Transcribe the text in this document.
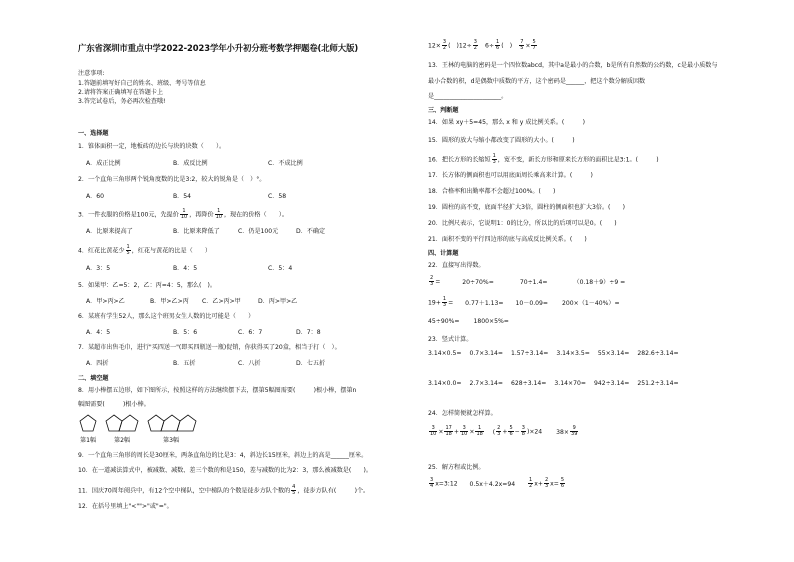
广东省深圳市重点中学2022-2023学年小升初分班考数学押题卷(北师大版)
注意事项:
1.答题前填写好自己的姓名、班级、考号等信息
2.请将答案正确填写在答题卡上
3.答完试卷后，务必再次检查哦!
一、选择题
1．锥体面积一定，地板砖的边长与块的块数（　　）。
A．成正比例	B．成反比例	C．不成比例
2．一个直角三角形两个锐角度数的比是3:2，较大的锐角是（　）°。
A．60	B．54	C．58
3．一件衣服的价格是100元，先提价 $\frac{1}{10}$ ，再降价 $\frac{1}{10}$ ，现在的价格（　　）。
A．比原来提高了	B．比原来降低了	C．仍是100元	D．不确定
4．红花比黄花少 $\frac{1}{5}$ ，红花与黄花的比是（　　）
A．3：5	B．4：5	C．5：4
5．如果甲：乙=5：2，乙：丙=4：5，那么(　)。
A．甲>丙>乙	B．甲>乙>丙 C．乙>丙>甲	D．丙>甲>乙
6．某班有学生52人，那么这个班男女生人数的比可能是（　　）
A．4：5	B．5：6	C．6：7	D．7：8
7．某超市出售毛巾，进行"买四送一"(即买四瓶送一瓶)促销，你获得买了20盒，相当于打（　）。
A．四折	B．五折	C．八折	D．七五折
二、填空题
8．用小棒摆五边形，如下图所示，按照这样的方法继续摆下去，摆第5幅图需要(　　　)根小棒，摆第n
幅图需要(　　　)根小棒。
第1幅	第2幅	第3幅
9．一个直角三角形的周长是30厘米，两条直角边的比是3：4，斜边长15厘米，斜边上的高是______厘米。
10．在一道减法算式中，被减数、减数、差三个数的和是150，差与减数的比为2：3，那么被减数是(　　)。
11．国庆70周年阅兵中，有12个空中梯队，空中梯队的个数是徒步方队个数的 $\frac{4}{5}$ ，徒步方队有(　　　)个。
12．在括号里填上"<"">"或"="。
$12\times \frac{3}{2}$ (　)$12\div \frac{3}{2}$ 　$6\div \frac{1}{6}$ (　)　 $\frac{7}{5} \times \frac{5}{7}$
13．王林的电脑的密码是一个四位数abcd，其中a是最小的合数，b是所有自然数的公约数，c是最小质数与
最小合数的积，d是偶数中质数的平方，这个密码是______，把这个数分解质因数
是______________________。
三、判断题
14．如果 xy＋5=45，那么 x 和 y 成比例关系。(　　　)
15．圆形的放大与缩小都改变了圆形的大小。(　　　)
16．把长方形的长缩短 $\frac{1}{3}$ ，宽不变，新长方形和原来长方形的面积比是3:1。(　　　)
17．长方体的侧面积也可以用底面周长乘高来计算。(　　　)
18．合格率和出勤率都不会超过100%。(　　)
19．圆柱的高不变，底面半径扩大3倍，圆柱的侧面积也扩大3倍。(　　)
20．比例尺表示，它说明1：0的比分，所以比的后项可以是0。(　　)
21．面积不变的平行四边形的底与高成反比例关系。(　　)
四、计算题
22．直接写出得数。
$\frac{2}{3}$ =	20÷70%=	70÷1.4=	（0.18＋9）÷9 =
$19+ \frac{1}{3} = 0.77+1.13= 10-0.09= 200\times(1-40\%)=$
45÷90%= 1800×5%=
23．竖式计算。
3.14×0.5= 0.7×3.14= 1.57÷3.14= 3.14×3.5= 55×3.14= 282.6÷3.14=
3.14×0.0= 2.7×3.14= 628÷3.14= 3.14×70= 942÷3.14= 251.2÷3.14=
24．怎样简便就怎样算。
$\frac{3}{10} \times \frac{17}{18} + \frac{3}{10} \times \frac{1}{18}$ ( $\frac{2}{3} + \frac{5}{6} - \frac{3}{8} )\times 24$ $38\times \frac{9}{39}$
25．解方程或比例。
$\frac{3}{4}$ x=3:12 0.5x＋4.2x=94	$\frac{1}{2} x+ \frac{2}{3} x= \frac{5}{6}$
